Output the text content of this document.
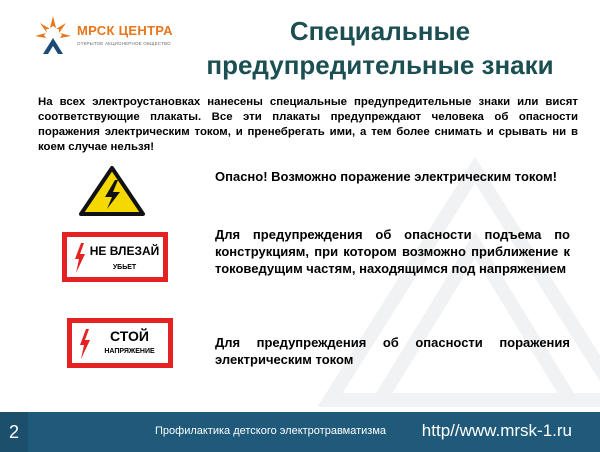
МРСК ЦЕНТРА
ОТКРЫТОЕ АКЦИОНЕРНОЕ ОБЩЕСТВО	Специальные предупредительные знаки
На всех электроустановках нанесены специальные предупредительные знаки или висят соответствующие плакаты. Все эти плакаты предупреждают человека об опасности поражения электрическим током, и пренебрегать ими, а тем более снимать и срывать ни в коем случае нельзя!
Опасно! Возможно поражение электрическим током!
НЕ ВЛЕЗАЙ
УБЬЕТ
Для предупреждения об опасности подъема по конструкциям, при котором возможно приближение к токоведущим частям, находящимся под напряжением
СТОЙ
НАПРЯЖЕНИЕ
Для предупреждения об опасности поражения электрическим током
2	Профилактика детского электротравматизма http//www.mrsk-1.ru
